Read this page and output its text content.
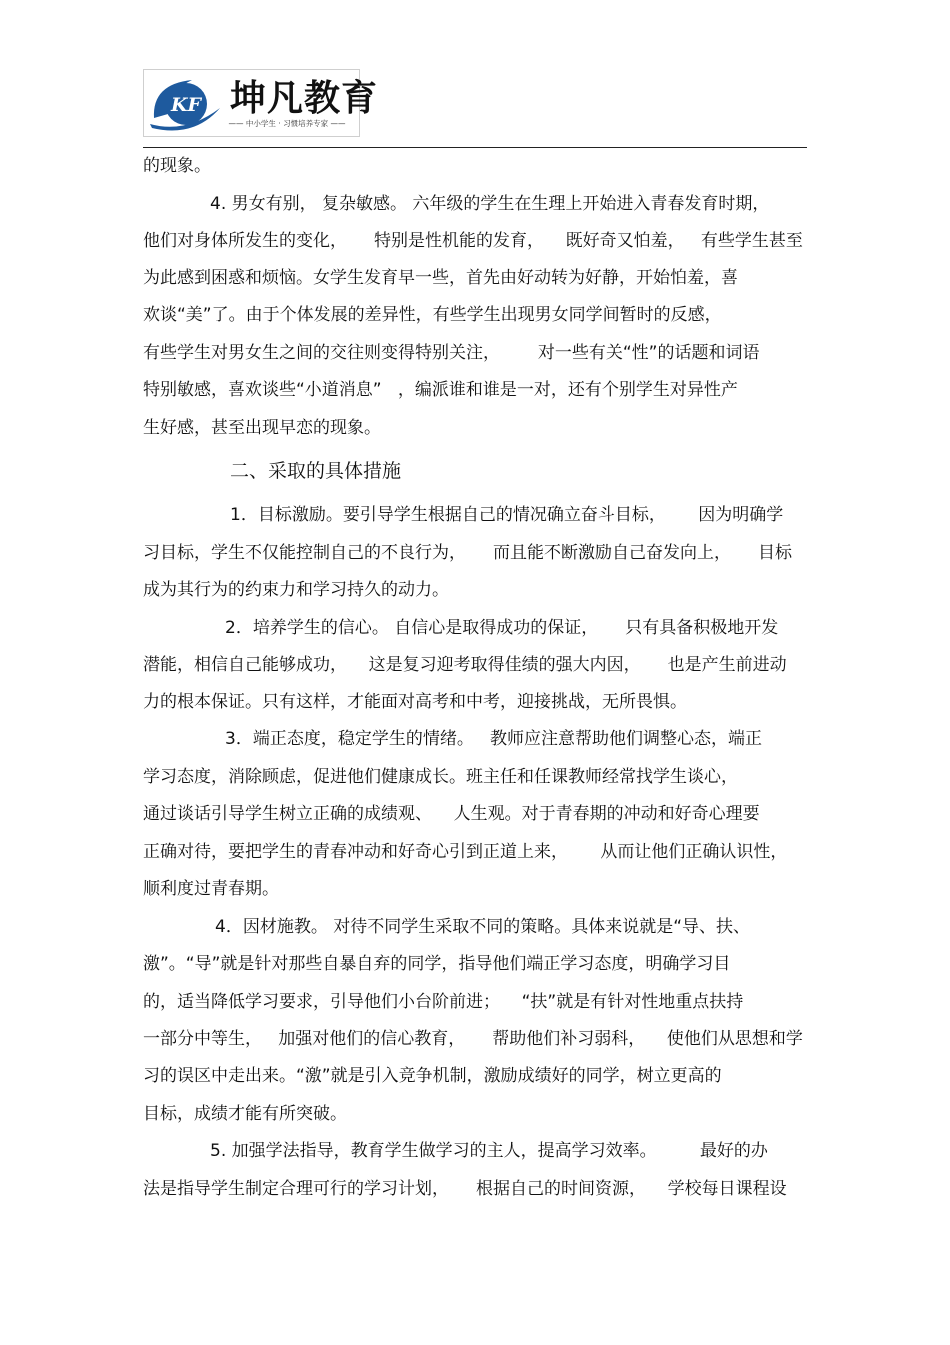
KF 坤凡教育
—— 中小学生 · 习惯培养专家 ——
的现象。
4. 男女有别， 复杂敏感。 六年级的学生在生理上开始进入青春发育时期，
他们对身体所发生的变化，     特别是性机能的发育，    既好奇又怕羞，   有些学生甚至
为此感到困惑和烦恼。女学生发育早一些，首先由好动转为好静，开始怕羞，喜
欢谈“美”了。由于个体发展的差异性，有些学生出现男女同学间暂时的反感，
有些学生对男女生之间的交往则变得特别关注，       对一些有关“性”的话题和词语
特别敏感，喜欢谈些“小道消息”   ，编派谁和谁是一对，还有个别学生对异性产
生好感，甚至出现早恋的现象。
二、采取的具体措施
1．目标激励。要引导学生根据自己的情况确立奋斗目标，      因为明确学
习目标，学生不仅能控制自己的不良行为，     而且能不断激励自己奋发向上，     目标
成为其行为的约束力和学习持久的动力。
2．培养学生的信心。 自信心是取得成功的保证，     只有具备积极地开发
潜能，相信自己能够成功，    这是复习迎考取得佳绩的强大内因，     也是产生前进动
力的根本保证。只有这样，才能面对高考和中考，迎接挑战，无所畏惧。
3．端正态度，稳定学生的情绪。   教师应注意帮助他们调整心态，端正
学习态度，消除顾虑，促进他们健康成长。班主任和任课教师经常找学生谈心，
通过谈话引导学生树立正确的成绩观、    人生观。对于青春期的冲动和好奇心理要
正确对待，要把学生的青春冲动和好奇心引到正道上来，      从而让他们正确认识性，
顺利度过青春期。
4．因材施教。 对待不同学生采取不同的策略。具体来说就是“导、扶、
激”。“导”就是针对那些自暴自弃的同学，指导他们端正学习态度，明确学习目
的，适当降低学习要求，引导他们小台阶前进；    “扶”就是有针对性地重点扶持
一部分中等生，   加强对他们的信心教育，     帮助他们补习弱科，    使他们从思想和学
习的误区中走出来。“激”就是引入竞争机制，激励成绩好的同学，树立更高的
目标，成绩才能有所突破。
5. 加强学法指导，教育学生做学习的主人，提高学习效率。        最好的办
法是指导学生制定合理可行的学习计划，     根据自己的时间资源，    学校每日课程设
